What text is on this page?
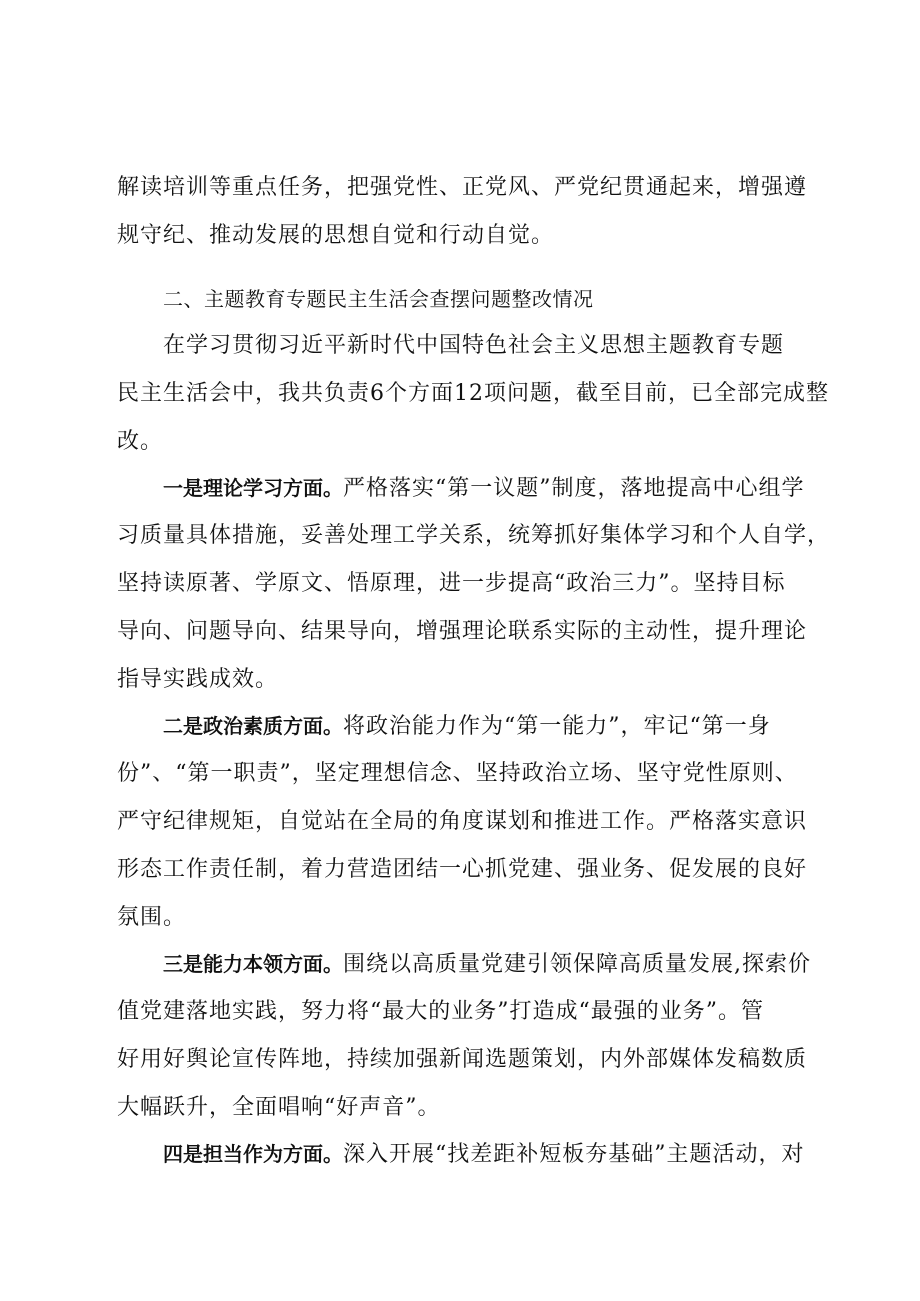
解读培训等重点任务，把强党性、正党风、严党纪贯通起来，增强遵
规守纪、推动发展的思想自觉和行动自觉。
二、主题教育专题民主生活会查摆问题整改情况
在学习贯彻习近平新时代中国特色社会主义思想主题教育专题
民主生活会中，我共负责6个方面12项问题，截至目前，已全部完成整
改。
一是理论学习方面。严格落实“第一议题”制度，落地提高中心组学
习质量具体措施，妥善处理工学关系，统筹抓好集体学习和个人自学，
坚持读原著、学原文、悟原理，进一步提高“政治三力”。坚持目标
导向、问题导向、结果导向，增强理论联系实际的主动性，提升理论
指导实践成效。
二是政治素质方面。将政治能力作为“第一能力”，牢记“第一身
份”、“第一职责”，坚定理想信念、坚持政治立场、坚守党性原则、
严守纪律规矩，自觉站在全局的角度谋划和推进工作。严格落实意识
形态工作责任制，着力营造团结一心抓党建、强业务、促发展的良好
氛围。
三是能力本领方面。围绕以高质量党建引领保障高质量发展,探索价
值党建落地实践，努力将“最大的业务”打造成“最强的业务”。管
好用好舆论宣传阵地，持续加强新闻选题策划，内外部媒体发稿数质
大幅跃升，全面唱响“好声音”。
四是担当作为方面。深入开展“找差距补短板夯基础”主题活动，对
